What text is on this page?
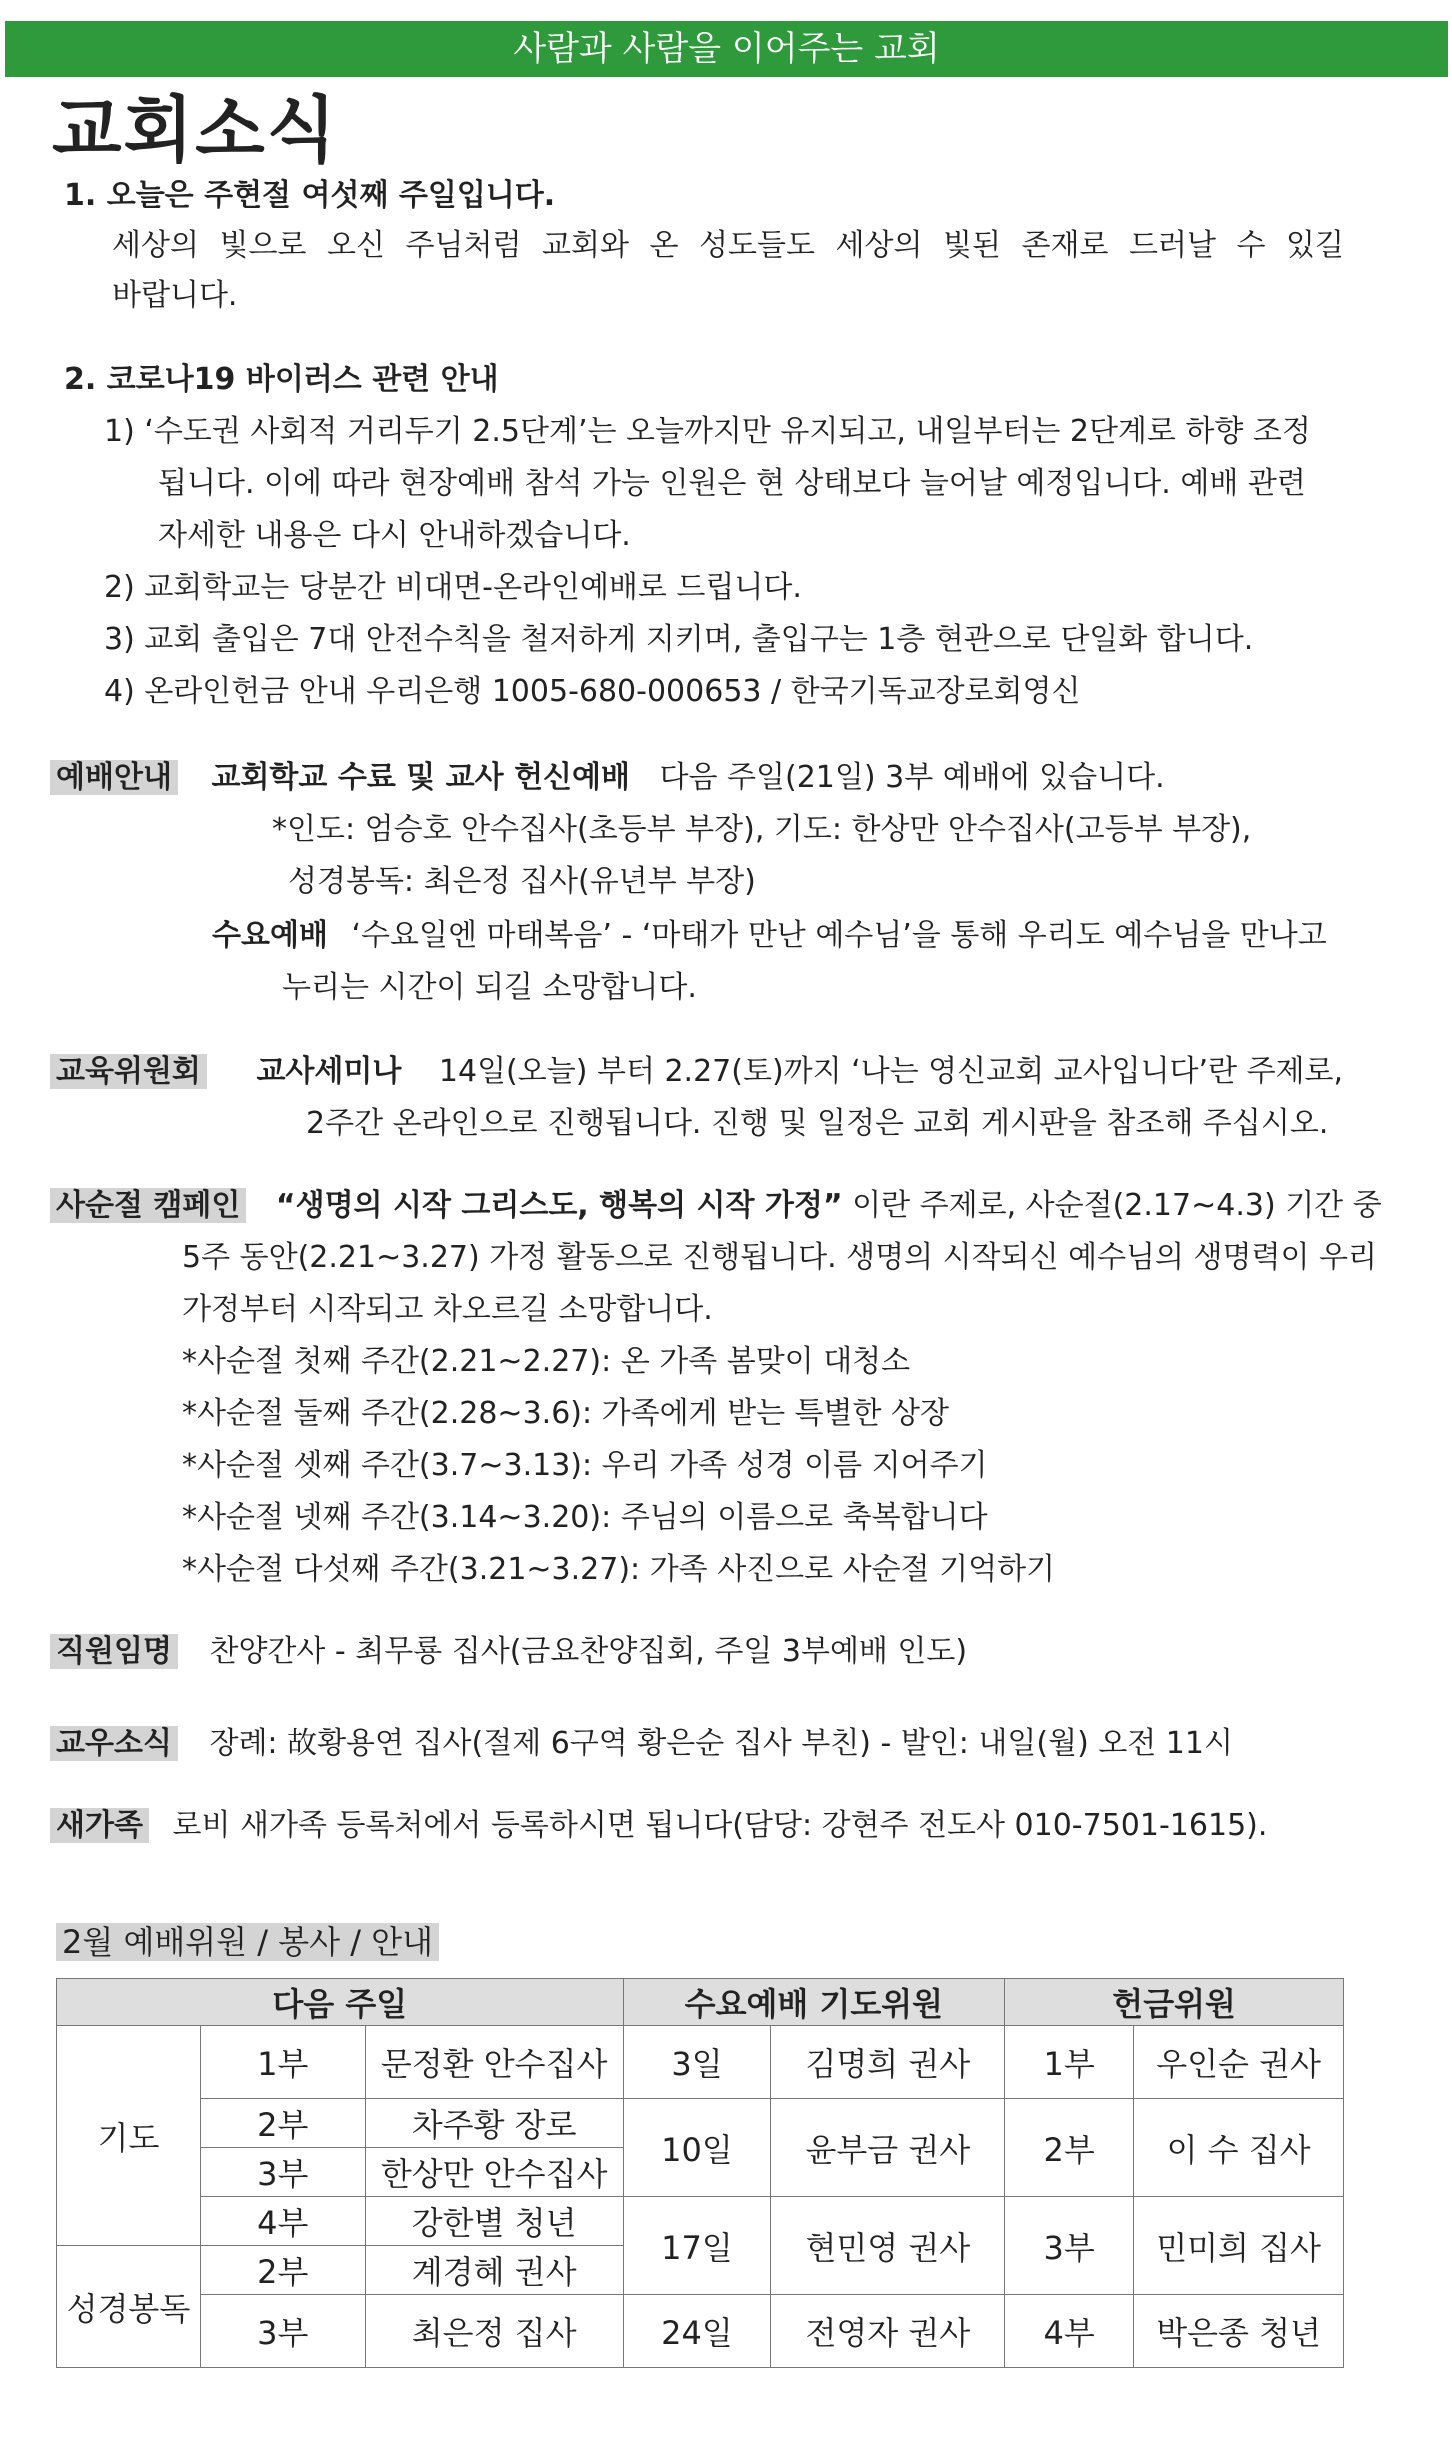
사람과 사람을 이어주는 교회
교회소식
1. 오늘은 주현절 여섯째 주일입니다.
세상의 빛으로 오신 주님처럼 교회와 온 성도들도 세상의 빛된 존재로 드러날 수 있길
바랍니다.
2. 코로나19 바이러스 관련 안내
1) ‘수도권 사회적 거리두기 2.5단계’는 오늘까지만 유지되고, 내일부터는 2단계로 하향 조정
됩니다. 이에 따라 현장예배 참석 가능 인원은 현 상태보다 늘어날 예정입니다. 예배 관련
자세한 내용은 다시 안내하겠습니다.
2) 교회학교는 당분간 비대면-온라인예배로 드립니다.
3) 교회 출입은 7대 안전수칙을 철저하게 지키며, 출입구는 1층 현관으로 단일화 합니다.
4) 온라인헌금 안내 우리은행 1005-680-000653 / 한국기독교장로회영신
예배안내 교회학교 수료 및 교사 헌신예배 다음 주일(21일) 3부 예배에 있습니다.
*인도: 엄승호 안수집사(초등부 부장), 기도: 한상만 안수집사(고등부 부장),
성경봉독: 최은정 집사(유년부 부장)
수요예배 ‘수요일엔 마태복음’ - ‘마태가 만난 예수님’을 통해 우리도 예수님을 만나고
누리는 시간이 되길 소망합니다.
교육위원회 교사세미나 14일(오늘) 부터 2.27(토)까지 ‘나는 영신교회 교사입니다’란 주제로,
2주간 온라인으로 진행됩니다. 진행 및 일정은 교회 게시판을 참조해 주십시오.
사순절 캠페인 “생명의 시작 그리스도, 행복의 시작 가정” 이란 주제로, 사순절(2.17~4.3) 기간 중
5주 동안(2.21~3.27) 가정 활동으로 진행됩니다. 생명의 시작되신 예수님의 생명력이 우리
가정부터 시작되고 차오르길 소망합니다.
*사순절 첫째 주간(2.21~2.27): 온 가족 봄맞이 대청소
*사순절 둘째 주간(2.28~3.6): 가족에게 받는 특별한 상장
*사순절 셋째 주간(3.7~3.13): 우리 가족 성경 이름 지어주기
*사순절 넷째 주간(3.14~3.20): 주님의 이름으로 축복합니다
*사순절 다섯째 주간(3.21~3.27): 가족 사진으로 사순절 기억하기
직원임명 찬양간사 - 최무룡 집사(금요찬양집회, 주일 3부예배 인도)
교우소식 장례: 故황용연 집사(절제 6구역 황은순 집사 부친) - 발인: 내일(월) 오전 11시
새가족 로비 새가족 등록처에서 등록하시면 됩니다(담당: 강현주 전도사 010-7501-1615).
2월 예배위원 / 봉사 / 안내
다음 주일			수요예배 기도위원		헌금위원	
기도	1부	문정환 안수집사	3일	김명희 권사	1부	우인순 권사
	2부	차주황 장로	10일	윤부금 권사	2부	이 수 집사
	3부	한상만 안수집사				
	4부	강한별 청년	17일	현민영 권사	3부	민미희 집사
성경봉독	2부	계경혜 권사				
	3부	최은정 집사	24일	전영자 권사	4부	박은종 청년
